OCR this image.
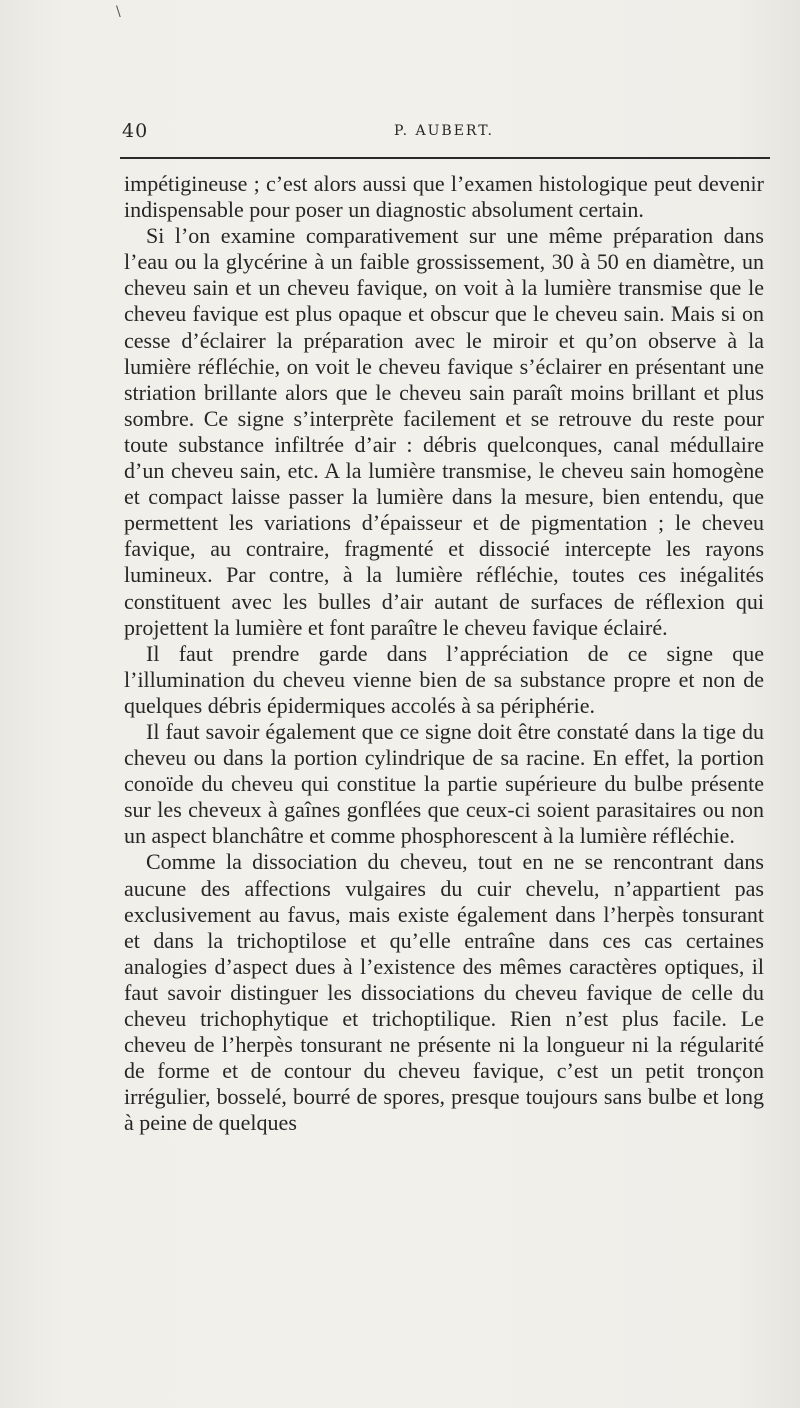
\
40	P. AUBERT.

impétigineuse ; c’est alors aussi que l’examen histologique peut devenir indispensable pour poser un diagnostic absolument certain.

Si l’on examine comparativement sur une même préparation dans l’eau ou la glycérine à un faible grossissement, 30 à 50 en diamètre, un cheveu sain et un cheveu favique, on voit à la lumière transmise que le cheveu favique est plus opaque et obscur que le cheveu sain. Mais si on cesse d’éclairer la préparation avec le miroir et qu’on observe à la lumière réfléchie, on voit le cheveu favique s’éclairer en présentant une striation brillante alors que le cheveu sain paraît moins brillant et plus sombre. Ce signe s’interprète facilement et se retrouve du reste pour toute substance infiltrée d’air : débris quelconques, canal médullaire d’un cheveu sain, etc. A la lumière transmise, le cheveu sain homogène et compact laisse passer la lumière dans la mesure, bien entendu, que permettent les variations d’épaisseur et de pigmentation ; le cheveu favique, au contraire, fragmenté et dissocié intercepte les rayons lumineux. Par contre, à la lumière réfléchie, toutes ces inégalités constituent avec les bulles d’air autant de surfaces de réflexion qui projettent la lumière et font paraître le cheveu favique éclairé.

Il faut prendre garde dans l’appréciation de ce signe que l’illumination du cheveu vienne bien de sa substance propre et non de quelques débris épidermiques accolés à sa périphérie.

Il faut savoir également que ce signe doit être constaté dans la tige du cheveu ou dans la portion cylindrique de sa racine. En effet, la portion conoïde du cheveu qui constitue la partie supérieure du bulbe présente sur les cheveux à gaînes gonflées que ceux-ci soient parasitaires ou non un aspect blanchâtre et comme phosphorescent à la lumière réfléchie.

Comme la dissociation du cheveu, tout en ne se rencontrant dans aucune des affections vulgaires du cuir chevelu, n’appartient pas exclusivement au favus, mais existe également dans l’herpès tonsurant et dans la trichoptilose et qu’elle entraîne dans ces cas certaines analogies d’aspect dues à l’existence des mêmes caractères optiques, il faut savoir distinguer les dissociations du cheveu favique de celle du cheveu trichophytique et trichoptilique. Rien n’est plus facile. Le cheveu de l’herpès tonsurant ne présente ni la longueur ni la régularité de forme et de contour du cheveu favique, c’est un petit tronçon irrégulier, bosselé, bourré de spores, presque toujours sans bulbe et long à peine de quelques
